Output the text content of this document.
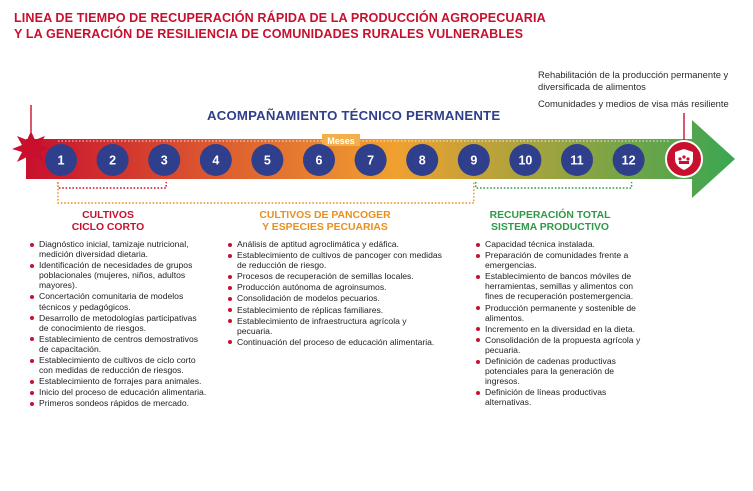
LINEA DE TIEMPO DE RECUPERACIÓN RÁPIDA DE LA PRODUCCIÓN AGROPECUARIA
Y LA GENERACIÓN DE RESILIENCIA DE COMUNIDADES RURALES VULNERABLES
Rehabilitación de la producción permanente y diversificada de alimentos
Comunidades y medios de visa más resiliente
ACOMPAÑAMIENTO TÉCNICO PERMANENTE
Meses
1	2	3	4	5	6	7	8	9	10	11	12
CULTIVOS
CICLO CORTO
CULTIVOS DE PANCOGER
Y ESPECIES PECUARIAS
RECUPERACIÓN TOTAL
SISTEMA PRODUCTIVO
Diagnóstico inicial, tamizaje nutricional, medición diversidad dietaria.
Identificación de necesidades de grupos poblacionales (mujeres, niños, adultos mayores).
Concertación comunitaria de modelos técnicos y pedagógicos.
Desarrollo de metodologías participativas de conocimiento de riesgos.
Establecimiento de centros demostrativos de capacitación.
Establecimiento de cultivos de ciclo corto con medidas de reducción de riesgos.
Establecimiento de forrajes para animales.
Inicio del proceso de educación alimentaria.
Primeros sondeos rápidos de mercado.
Análisis de aptitud agroclimática y edáfica.
Establecimiento de cultivos de pancoger con medidas de reducción de riesgo.
Procesos de recuperación de semillas locales.
Producción autónoma de agroinsumos.
Consolidación de modelos pecuarios.
Establecimiento de réplicas familiares.
Establecimiento de infraestructura agrícola y pecuaria.
Continuación del proceso de educación alimentaria.
Capacidad técnica instalada.
Preparación de comunidades frente a emergencias.
Establecimiento de bancos móviles de herramientas, semillas y alimentos con fines de recuperación postemergencia.
Producción permanente y sostenible de alimentos.
Incremento en la diversidad en la dieta.
Consolidación de la propuesta agrícola y pecuaria.
Definición de cadenas productivas potenciales para la generación de ingresos.
Definición de líneas productivas alternativas.
